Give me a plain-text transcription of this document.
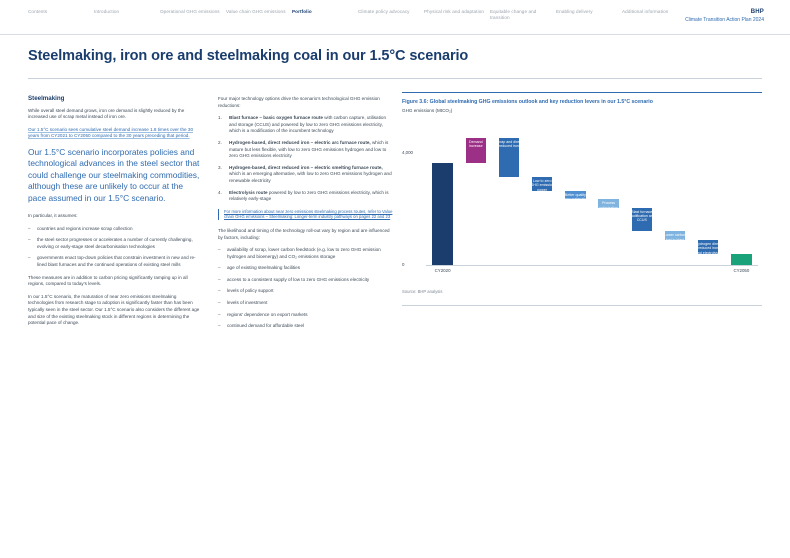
Contents	Introduction	Operational GHG emissions	Value chain GHG emissions	Portfolio	Climate policy advocacy	Physical risk and adaptation	Equitable change and transition
Enabling delivery	Additional information	BHP
Climate Transition Action Plan 2024
Steelmaking, iron ore and steelmaking coal in our 1.5°C scenario
Steelmaking

While overall steel demand grows, iron ore demand is slightly reduced by the increased use of scrap metal instead of iron ore.

Our 1.5°C scenario sees cumulative steel demand increase 1.8 times over the 30 years from CY2021 to CY2050 compared to the 30 years preceding that period.

Our 1.5°C scenario incorporates policies and technological advances in the steel sector that could challenge our steelmaking commodities, although these are unlikely to occur at the pace assumed in our 1.5°C scenario.

In particular, it assumes:

– countries and regions increase scrap collection
– the steel sector progresses or accelerates a number of currently challenging, evolving or early-stage steel decarbonisation technologies
– governments enact top-down policies that constrain investment in new and re-lined blast furnaces and the continued operations of existing steel mills

These measures are in addition to carbon pricing significantly ramping up in all regions, compared to today’s levels.

In our 1.5°C scenario, the maturation of near zero emissions steelmaking technologies from research stage to adoption is significantly faster than has been typically seen in the steel sector. Our 1.5°C scenario also considers the different age and size of the existing steelmaking stock in different regions in determining the potential pace of change.

Four major technology options drive the scenario’s technological GHG emission reductions:

Blast furnace – basic oxygen furnace route with carbon capture, utilisation and storage (CCUS) and powered by low to zero GHG emissions electricity, which is a modification of the incumbent technology
Hydrogen-based, direct reduced iron – electric arc furnace route, which is mature but less flexible, with low to zero GHG emissions hydrogen and low to zero GHG emissions electricity
Hydrogen-based, direct reduced iron – electric smelting furnace route, which is an emerging alternative, with low to zero GHG emissions hydrogen and renewable electricity
Electrolysis route powered by low to zero GHG emissions electricity, which is relatively early-stage
For more information about near zero emissions steelmaking process routes, refer to Value chain GHG emissions – Steelmaking: Longer-term industry pathways on pages 22 and 23

The likelihood and timing of the technology roll-out vary by region and are influenced by factors, including:

– availability of scrap, lower carbon feedstock (e.g. low to zero GHG emission hydrogen and bioenergy) and CO₂ emissions storage
– age of existing steelmaking facilities
– access to a consistent supply of low to zero GHG emissions electricity
– levels of policy support
– levels of investment
– regions’ dependence on export markets
– continued demand for affordable steel
Figure 3.6: Global steelmaking GHG emissions outlook and key reduction levers in our 1.5°C scenario
GHG emissions (MtCO₂)
0
4,000
CY2020
Demand increase
Scrap and direct reduced iron
Low to zero GHG emission power
Better quality raw materials
Process optimisation
Blast furnace modification and CCUS
Lower carbon fuel in blast furnace	Hydrogen direct reduced iron and electrolysis
CY2050
Source: BHP analysis
